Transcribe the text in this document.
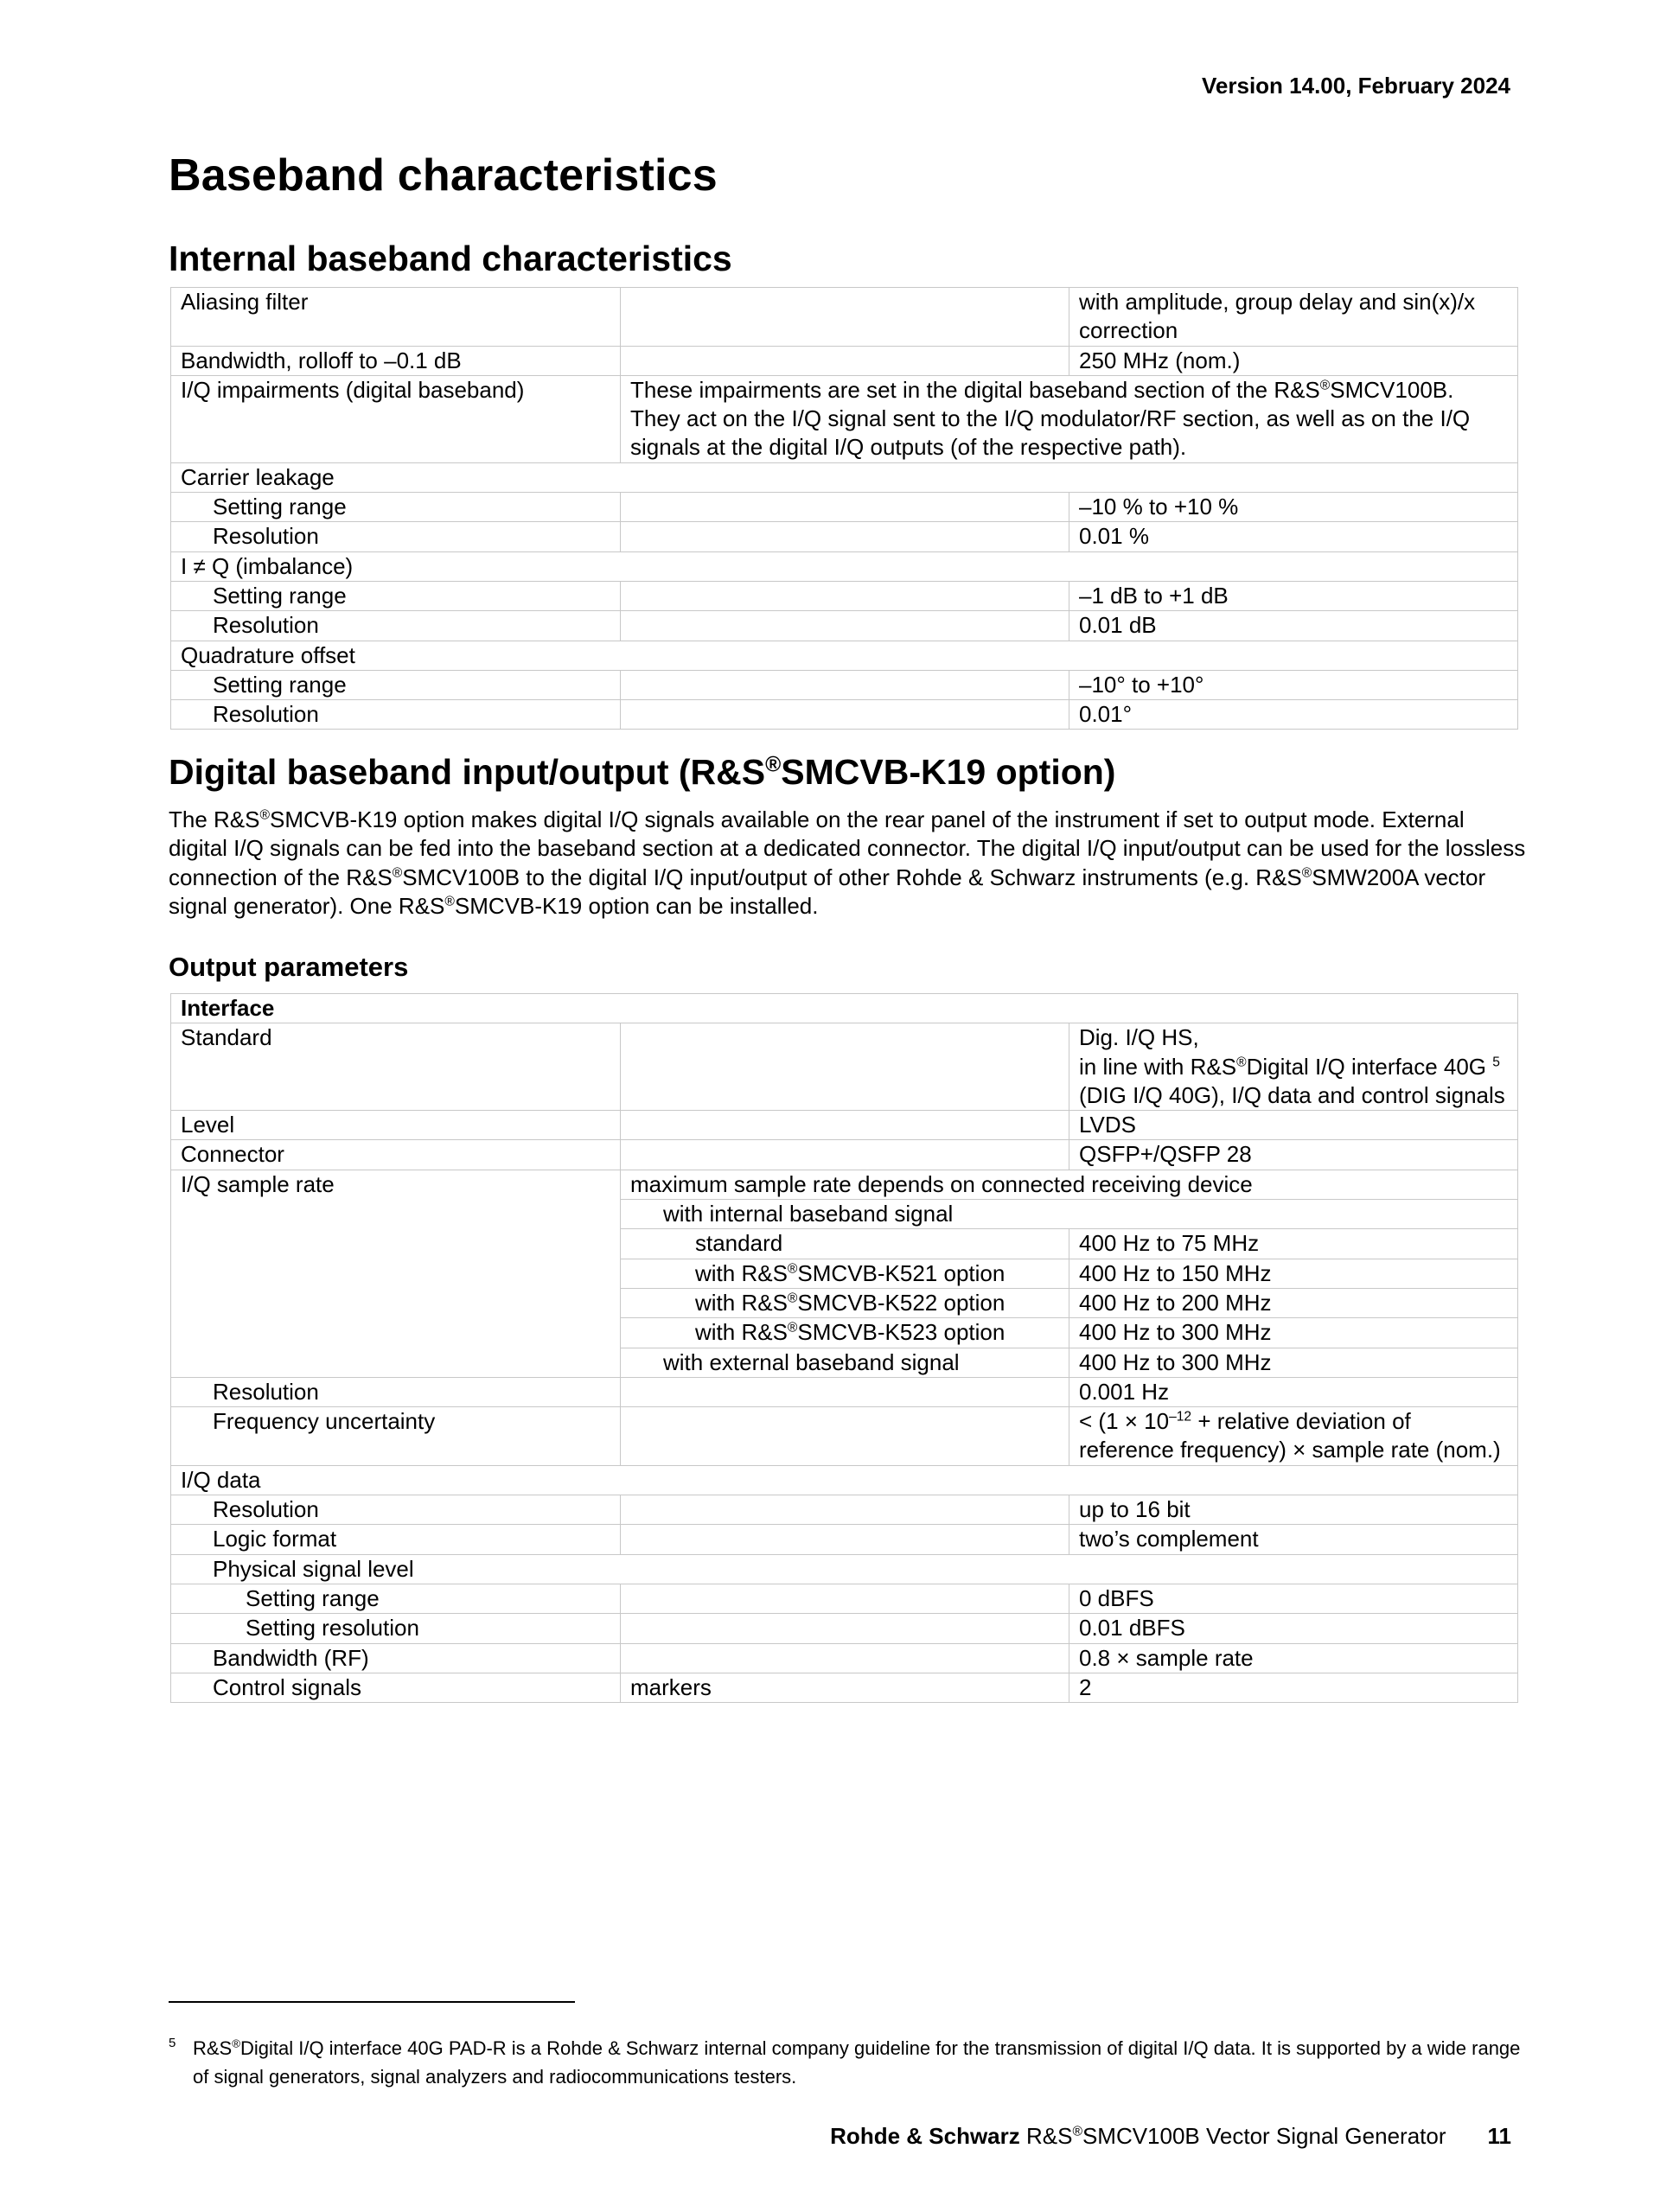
Version 14.00, February 2024
Baseband characteristics
Internal baseband characteristics
Aliasing filter		with amplitude, group delay and sin(x)/x correction
Bandwidth, rolloff to –0.1 dB		250 MHz (nom.)
I/Q impairments (digital baseband)	These impairments are set in the digital baseband section of the R&S®SMCV100B. They act on the I/Q signal sent to the I/Q modulator/RF section, as well as on the I/Q signals at the digital I/Q outputs (of the respective path).	
Carrier leakage		
Setting range		–10 % to +10 %
Resolution		0.01 %
I ≠ Q (imbalance)		
Setting range		–1 dB to +1 dB
Resolution		0.01 dB
Quadrature offset		
Setting range		–10° to +10°
Resolution		0.01°
Digital baseband input/output (R&S®SMCVB-K19 option)
The R&S®SMCVB-K19 option makes digital I/Q signals available on the rear panel of the instrument if set to output mode. External digital I/Q signals can be fed into the baseband section at a dedicated connector. The digital I/Q input/output can be used for the lossless connection of the R&S®SMCV100B to the digital I/Q input/output of other Rohde & Schwarz instruments (e.g. R&S®SMW200A vector signal generator). One R&S®SMCVB-K19 option can be installed.
Output parameters
Interface		
Standard		Dig. I/Q HS,
in line with R&S®Digital I/Q interface 40G $^5$
(DIG I/Q 40G), I/Q data and control signals
Level		LVDS
Connector		QSFP+/QSFP 28
I/Q sample rate	maximum sample rate depends on connected receiving device	
	with internal baseband signal	
	standard	400 Hz to 75 MHz
	with R&S®SMCVB-K521 option	400 Hz to 150 MHz
	with R&S®SMCVB-K522 option	400 Hz to 200 MHz
	with R&S®SMCVB-K523 option	400 Hz to 300 MHz
	with external baseband signal	400 Hz to 300 MHz
Resolution		0.001 Hz
Frequency uncertainty		< ($1 \times 10^{-12}$ + relative deviation of reference frequency) × sample rate (nom.)
I/Q data		
Resolution		up to 16 bit
Logic format		two’s complement
Physical signal level		
Setting range		0 dBFS
Setting resolution		0.01 dBFS
Bandwidth (RF)		0.8 × sample rate
Control signals	markers	2
5 R&S®Digital I/Q interface 40G PAD-R is a Rohde & Schwarz internal company guideline for the transmission of digital I/Q data. It is supported by a wide range of signal generators, signal analyzers and radiocommunications testers.
Rohde & Schwarz R&S®SMCV100B Vector Signal Generator 11
